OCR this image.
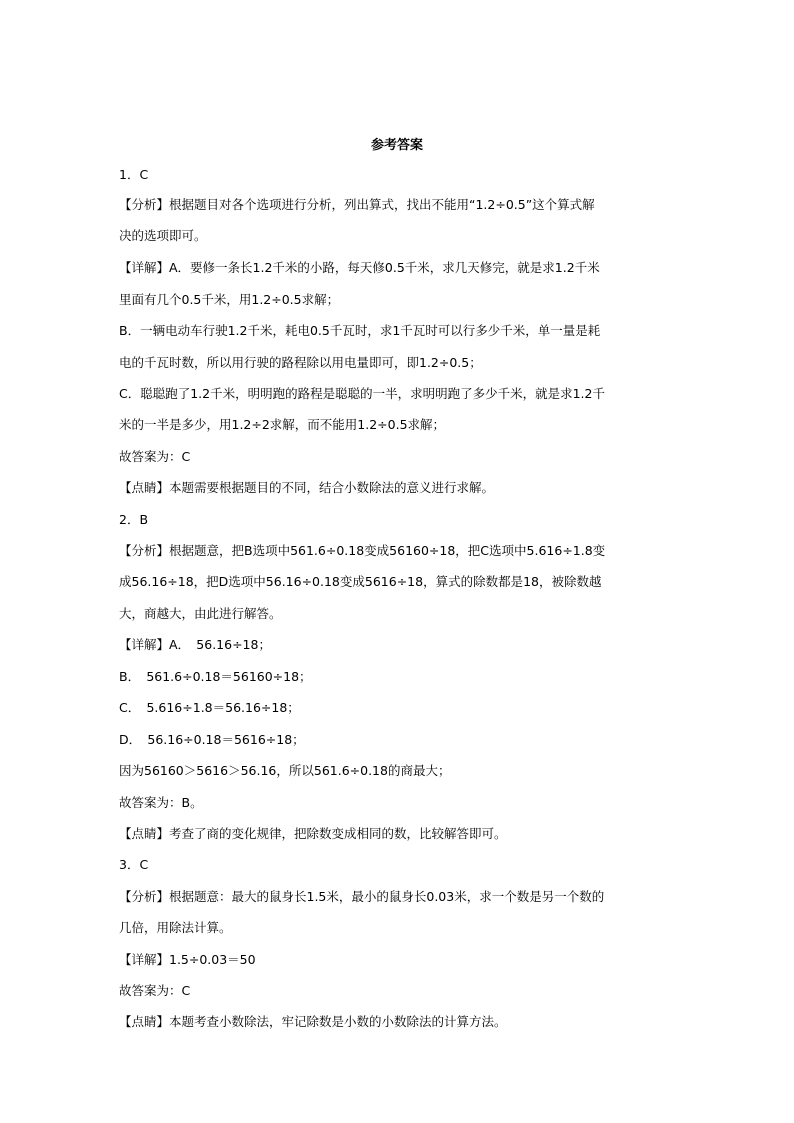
参考答案
1．C
【分析】根据题目对各个选项进行分析，列出算式，找出不能用“1.2÷0.5”这个算式解
决的选项即可。
【详解】A．要修一条长1.2千米的小路，每天修0.5千米，求几天修完，就是求1.2千米
里面有几个0.5千米，用1.2÷0.5求解；
B．一辆电动车行驶1.2千米，耗电0.5千瓦时，求1千瓦时可以行多少千米，单一量是耗
电的千瓦时数，所以用行驶的路程除以用电量即可，即1.2÷0.5；
C．聪聪跑了1.2千米，明明跑的路程是聪聪的一半，求明明跑了多少千米，就是求1.2千
米的一半是多少，用1.2÷2求解，而不能用1.2÷0.5求解；
故答案为：C
【点睛】本题需要根据题目的不同，结合小数除法的意义进行求解。
2．B
【分析】根据题意，把B选项中561.6÷0.18变成56160÷18，把C选项中5.616÷1.8变
成56.16÷18，把D选项中56.16÷0.18变成5616÷18，算式的除数都是18，被除数越
大，商越大，由此进行解答。
【详解】A．　56.16÷18；
B．　561.6÷0.18＝56160÷18；
C．　5.616÷1.8＝56.16÷18；
D．　56.16÷0.18＝5616÷18；
因为56160＞5616＞56.16，所以561.6÷0.18的商最大；
故答案为：B。
【点睛】考查了商的变化规律，把除数变成相同的数，比较解答即可。
3．C
【分析】根据题意：最大的鼠身长1.5米，最小的鼠身长0.03米，求一个数是另一个数的
几倍，用除法计算。
【详解】1.5÷0.03＝50
故答案为：C
【点睛】本题考查小数除法，牢记除数是小数的小数除法的计算方法。
